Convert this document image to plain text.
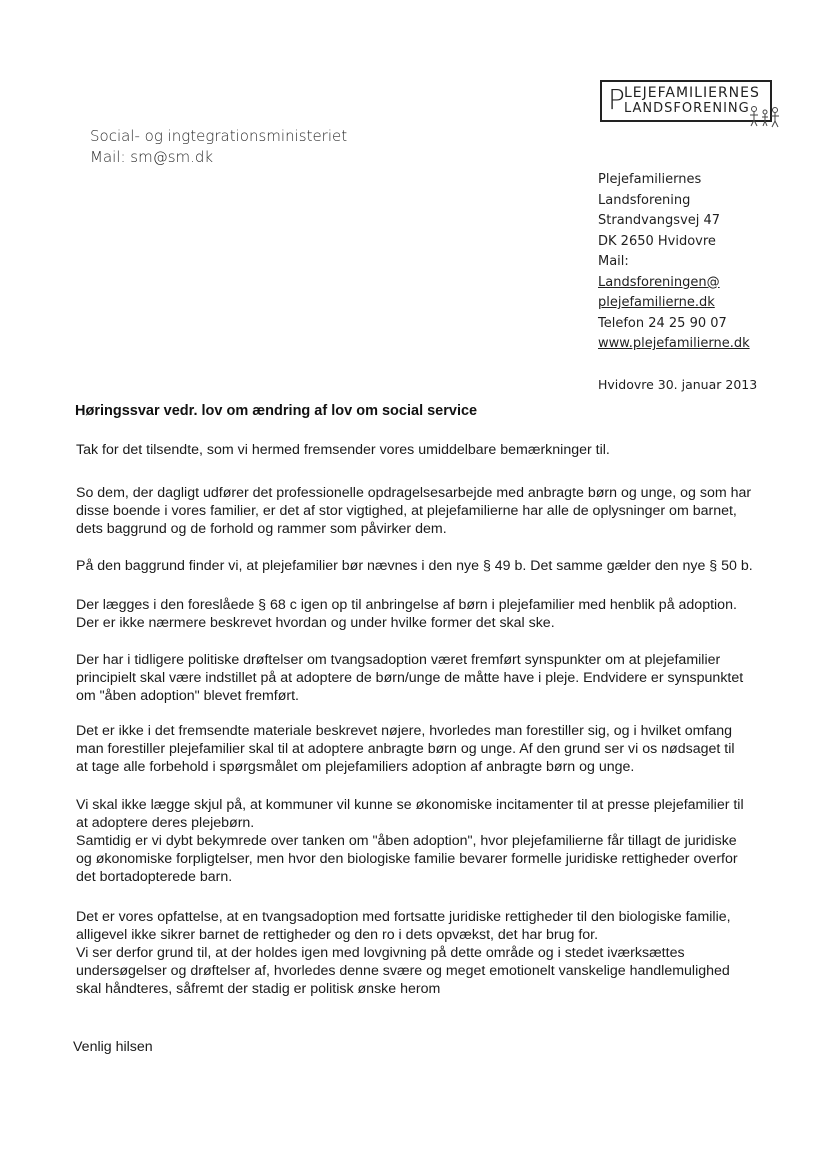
P LEJEFAMILIERNES
LANDSFORENING
Social- og ingtegrationsministeriet
Mail: sm@sm.dk
Plejefamiliernes
Landsforening
Strandvangsvej 47
DK 2650 Hvidovre
Mail:
Landsforeningen@
plejefamilierne.dk
Telefon 24 25 90 07
www.plejefamilierne.dk
Hvidovre 30. januar 2013
Høringssvar vedr. lov om ændring af lov om social service

Tak for det tilsendte, som vi hermed fremsender vores umiddelbare bemærkninger til.

So dem, der dagligt udfører det professionelle opdragelsesarbejde med anbragte børn og unge, og som har

disse boende i vores familier, er det af stor vigtighed, at plejefamilierne har alle de oplysninger om barnet,

dets baggrund og de forhold og rammer som påvirker dem.

På den baggrund finder vi, at plejefamilier bør nævnes i den nye § 49 b. Det samme gælder den nye § 50 b.

Der lægges i den foreslåede § 68 c igen op til anbringelse af børn i plejefamilier med henblik på adoption.

Der er ikke nærmere beskrevet hvordan og under hvilke former det skal ske.

Der har i tidligere politiske drøftelser om tvangsadoption været fremført synspunkter om at plejefamilier

principielt skal være indstillet på at adoptere de børn/unge de måtte have i pleje. Endvidere er synspunktet

om "åben adoption" blevet fremført.

Det er ikke i det fremsendte materiale beskrevet nøjere, hvorledes man forestiller sig, og i hvilket omfang

man forestiller plejefamilier skal til at adoptere anbragte børn og unge. Af den grund ser vi os nødsaget til

at tage alle forbehold i spørgsmålet om plejefamiliers adoption af anbragte børn og unge.

Vi skal ikke lægge skjul på, at kommuner vil kunne se økonomiske incitamenter til at presse plejefamilier til

at adoptere deres plejebørn.

Samtidig er vi dybt bekymrede over tanken om "åben adoption", hvor plejefamilierne får tillagt de juridiske

og økonomiske forpligtelser, men hvor den biologiske familie bevarer formelle juridiske rettigheder overfor

det bortadopterede barn.

Det er vores opfattelse, at en tvangsadoption med fortsatte juridiske rettigheder til den biologiske familie,

alligevel ikke sikrer barnet de rettigheder og den ro i dets opvækst, det har brug for.

Vi ser derfor grund til, at der holdes igen med lovgivning på dette område og i stedet iværksættes

undersøgelser og drøftelser af, hvorledes denne svære og meget emotionelt vanskelige handlemulighed

skal håndteres, såfremt der stadig er politisk ønske herom

Venlig hilsen
